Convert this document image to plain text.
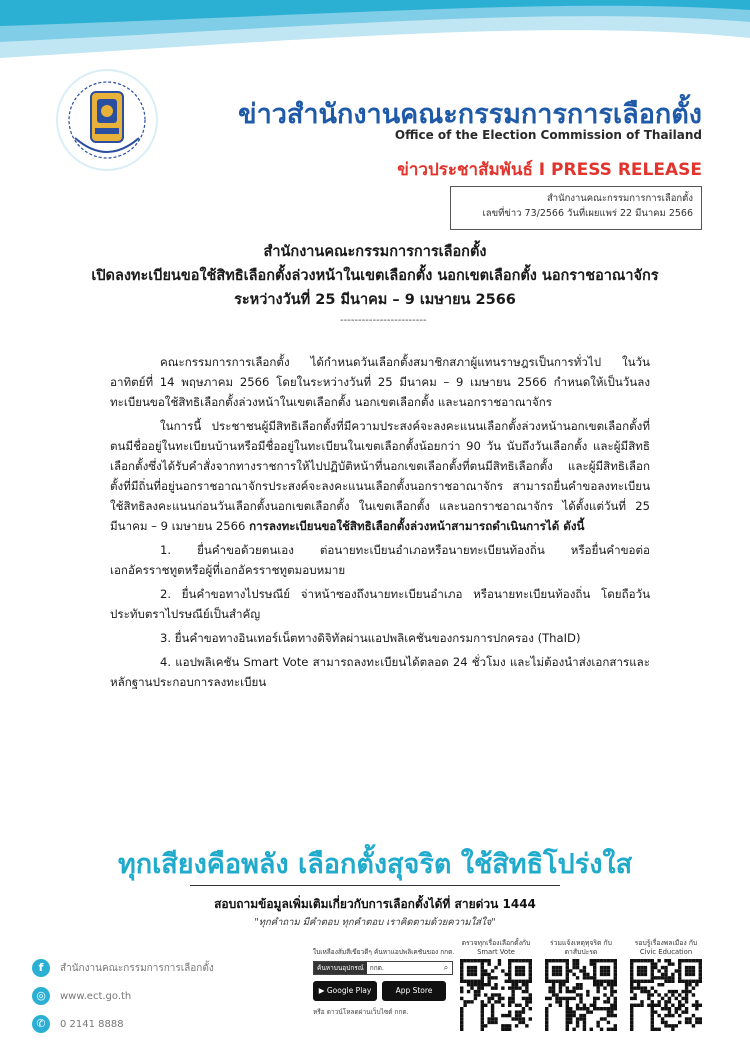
ข่าวสำนักงานคณะกรรมการการเลือกตั้ง
Office of the Election Commission of Thailand
ข่าวประชาสัมพันธ์ I PRESS RELEASE
สำนักงานคณะกรรมการการเลือกตั้ง
เลขที่ข่าว 73/2566 วันที่เผยแพร่ 22 มีนาคม 2566
สำนักงานคณะกรรมการการเลือกตั้ง
เปิดลงทะเบียนขอใช้สิทธิเลือกตั้งล่วงหน้าในเขตเลือกตั้ง นอกเขตเลือกตั้ง นอกราชอาณาจักร
ระหว่างวันที่ 25 มีนาคม – 9 เมษายน 2566
------------------------

คณะกรรมการการเลือกตั้ง ได้กำหนดวันเลือกตั้งสมาชิกสภาผู้แทนราษฎรเป็นการทั่วไป ในวันอาทิตย์ที่ 14 พฤษภาคม 2566 โดยในระหว่างวันที่ 25 มีนาคม – 9 เมษายน 2566 กำหนดให้เป็นวันลงทะเบียนขอใช้สิทธิเลือกตั้งล่วงหน้าในเขตเลือกตั้ง นอกเขตเลือกตั้ง และนอกราชอาณาจักร

ในการนี้ ประชาชนผู้มีสิทธิเลือกตั้งที่มีความประสงค์จะลงคะแนนเลือกตั้งล่วงหน้านอกเขตเลือกตั้งที่ตนมีชื่ออยู่ในทะเบียนบ้านหรือมีชื่ออยู่ในทะเบียนในเขตเลือกตั้งน้อยกว่า 90 วัน นับถึงวันเลือกตั้ง และผู้มีสิทธิเลือกตั้งซึ่งได้รับคำสั่งจากทางราชการให้ไปปฏิบัติหน้าที่นอกเขตเลือกตั้งที่ตนมีสิทธิเลือกตั้ง และผู้มีสิทธิเลือกตั้งที่มีถิ่นที่อยู่นอกราชอาณาจักรประสงค์จะลงคะแนนเลือกตั้งนอกราชอาณาจักร สามารถยื่นคำขอลงทะเบียนใช้สิทธิลงคะแนนก่อนวันเลือกตั้งนอกเขตเลือกตั้ง ในเขตเลือกตั้ง และนอกราชอาณาจักร ได้ตั้งแต่วันที่ 25 มีนาคม – 9 เมษายน 2566 การลงทะเบียนขอใช้สิทธิเลือกตั้งล่วงหน้าสามารถดำเนินการได้ ดังนี้

1. ยื่นคำขอด้วยตนเอง ต่อนายทะเบียนอำเภอหรือนายทะเบียนท้องถิ่น หรือยื่นคำขอต่อเอกอัครราชทูตหรือผู้ที่เอกอัครราชทูตมอบหมาย
2. ยื่นคำขอทางไปรษณีย์ จ่าหน้าซองถึงนายทะเบียนอำเภอ หรือนายทะเบียนท้องถิ่น โดยถือวันประทับตราไปรษณีย์เป็นสำคัญ
3. ยื่นคำขอทางอินเทอร์เน็ตทางดิจิทัลผ่านแอปพลิเคชันของกรมการปกครอง (ThaID)
4. แอปพลิเคชัน Smart Vote สามารถลงทะเบียนได้ตลอด 24 ชั่วโมง และไม่ต้องนำส่งเอกสารและหลักฐานประกอบการลงทะเบียน
ทุกเสียงคือพลัง เลือกตั้งสุจริต ใช้สิทธิโปร่งใส
สอบถามข้อมูลเพิ่มเติมเกี่ยวกับการเลือกตั้งได้ที่ สายด่วน 1444
"ทุกคำถาม มีคำตอบ ทุกคำตอบ เราคิดตามด้วยความใส่ใจ"
f	สำนักงานคณะกรรมการการเลือกตั้ง
◎	www.ect.go.th
✆	0 2141 8888
ใบเหลืองส้มสีเขียวดีๆ ค้นหาแอปพลิเคชันของ กกต.
ค้นหาบนอุปกรณ์ กกต.	⌕
▶ Google Play	App Store
หรือ ดาวน์โหลดผ่านเว็บไซต์ กกต.
ตรวจทุกเรื่องเลือกตั้งกับ
Smart Vote
ร่วมแจ้งเหตุทุจริต กับ
ตาสับปะรด
รอบรู้เรื่องพลเมือง กับ
Civic Education
